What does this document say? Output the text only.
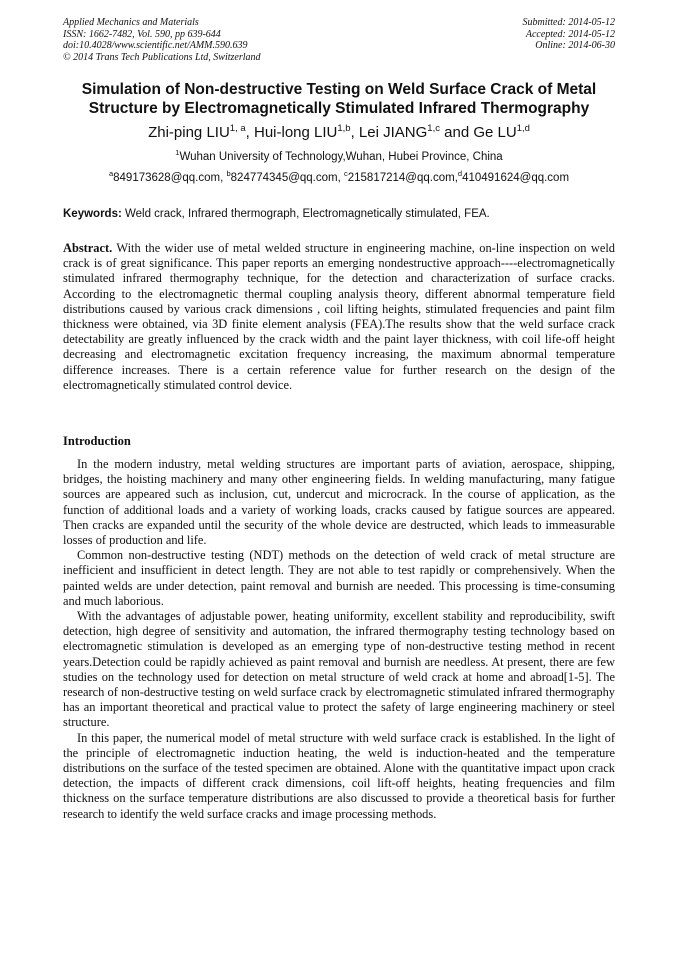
Applied Mechanics and Materials
ISSN: 1662-7482, Vol. 590, pp 639-644
doi:10.4028/www.scientific.net/AMM.590.639
© 2014 Trans Tech Publications Ltd, Switzerland
Submitted: 2014-05-12
Accepted: 2014-05-12
Online: 2014-06-30
Simulation of Non-destructive Testing on Weld Surface Crack of Metal Structure by Electromagnetically Stimulated Infrared Thermography
Zhi-ping LIU$^{1, a}$, Hui-long LIU$^{1,b}$, Lei JIANG$^{1,c}$ and Ge LU$^{1,d}$
$^1$Wuhan University of Technology,Wuhan, Hubei Province, China
$^a$849173628@qq.com, $^b$824774345@qq.com, $^c$215817214@qq.com,$^d$410491624@qq.com
Keywords: Weld crack, Infrared thermograph, Electromagnetically stimulated, FEA.

Abstract. With the wider use of metal welded structure in engineering machine, on-line inspection on weld crack is of great significance. This paper reports an emerging nondestructive approach----electromagnetically stimulated infrared thermography technique, for the detection and characterization of surface cracks. According to the electromagnetic thermal coupling analysis theory, different abnormal temperature field distributions caused by various crack dimensions , coil lifting heights, stimulated frequencies and paint film thickness were obtained, via 3D finite element analysis (FEA).The results show that the weld surface crack detectability are greatly influenced by the crack width and the paint layer thickness, with coil life-off height decreasing and electromagnetic excitation frequency increasing, the maximum abnormal temperature difference increases. There is a certain reference value for further research on the design of the electromagnetically stimulated control device.

Introduction

In the modern industry, metal welding structures are important parts of aviation, aerospace, shipping, bridges, the hoisting machinery and many other engineering fields. In welding manufacturing, many fatigue sources are appeared such as inclusion, cut, undercut and microcrack. In the course of application, as the function of additional loads and a variety of working loads, cracks caused by fatigue sources are appeared. Then cracks are expanded until the security of the whole device are destructed, which leads to immeasurable losses of production and life.

Common non-destructive testing (NDT) methods on the detection of weld crack of metal structure are inefficient and insufficient in detect length. They are not able to test rapidly or comprehensively. When the painted welds are under detection, paint removal and burnish are needed. This processing is time-consuming and much laborious.

With the advantages of adjustable power, heating uniformity, excellent stability and reproducibility, swift detection, high degree of sensitivity and automation, the infrared thermography testing technology based on electromagnetic stimulation is developed as an emerging type of non-destructive testing method in recent years.Detection could be rapidly achieved as paint removal and burnish are needless. At present, there are few studies on the technology used for detection on metal structure of weld crack at home and abroad[1-5]. The research of non-destructive testing on weld surface crack by electromagnetic stimulated infrared thermography has an important theoretical and practical value to protect the safety of large engineering machinery or steel structure.

In this paper, the numerical model of metal structure with weld surface crack is established. In the light of the principle of electromagnetic induction heating, the weld is induction-heated and the temperature distributions on the surface of the tested specimen are obtained. Alone with the quantitative impact upon crack detection, the impacts of different crack dimensions, coil lift-off heights, heating frequencies and film thickness on the surface temperature distributions are also discussed to provide a theoretical basis for further research to identify the weld surface cracks and image processing methods.
